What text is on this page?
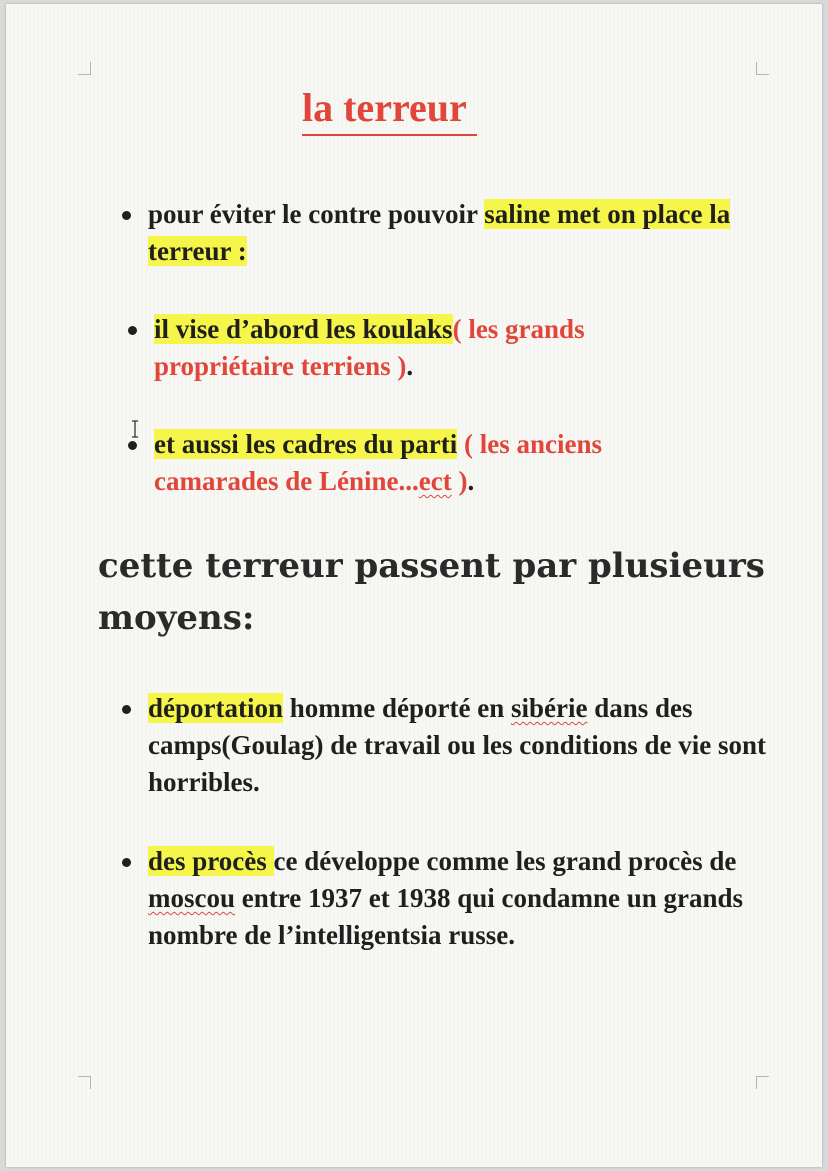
la terreur
pour éviter le contre pouvoir saline met on place la terreur :
il vise d’abord les koulaks( les grands propriétaire terriens ).
et aussi les cadres du parti ( les anciens camarades de Lénine...ect ).
cette terreur passent par plusieurs moyens:
déportation homme déporté en sibérie dans des camps(Goulag) de travail ou les conditions de vie sont horribles.
des procès ce développe comme les grand procès de moscou entre 1937 et 1938 qui condamne un grands nombre de l’intelligentsia russe.
